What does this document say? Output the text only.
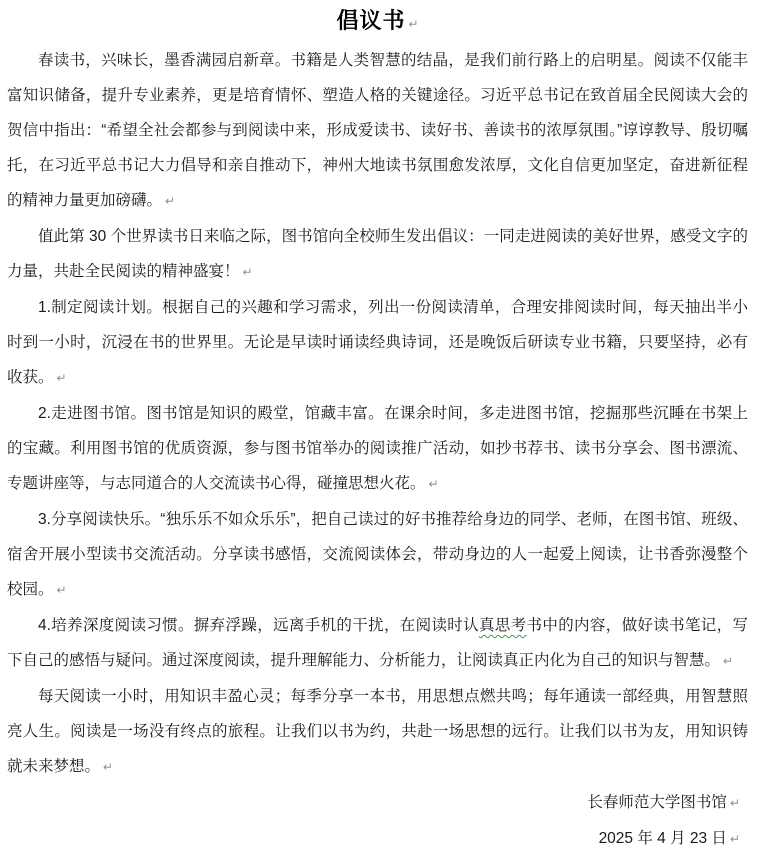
倡议书 ↵

春读书，兴味长，墨香满园启新章。书籍是人类智慧的结晶，是我们前行路上的启明星。阅读不仅能丰富知识储备，提升专业素养，更是培育情怀、塑造人格的关键途径。习近平总书记在致首届全民阅读大会的贺信中指出：“希望全社会都参与到阅读中来，形成爱读书、读好书、善读书的浓厚氛围。”谆谆教导、殷切嘱托，在习近平总书记大力倡导和亲自推动下，神州大地读书氛围愈发浓厚，文化自信更加坚定，奋进新征程的精神力量更加磅礴。 ↵

值此第 30 个世界读书日来临之际，图书馆向全校师生发出倡议：一同走进阅读的美好世界，感受文字的力量，共赴全民阅读的精神盛宴！ ↵

1.制定阅读计划。根据自己的兴趣和学习需求，列出一份阅读清单，合理安排阅读时间，每天抽出半小时到一小时，沉浸在书的世界里。无论是早读时诵读经典诗词，还是晚饭后研读专业书籍，只要坚持，必有收获。 ↵

2.走进图书馆。图书馆是知识的殿堂，馆藏丰富。在课余时间，多走进图书馆，挖掘那些沉睡在书架上的宝藏。利用图书馆的优质资源，参与图书馆举办的阅读推广活动，如抄书荐书、读书分享会、图书漂流、专题讲座等，与志同道合的人交流读书心得，碰撞思想火花。 ↵

3.分享阅读快乐。“独乐乐不如众乐乐”，把自己读过的好书推荐给身边的同学、老师，在图书馆、班级、宿舍开展小型读书交流活动。分享读书感悟，交流阅读体会，带动身边的人一起爱上阅读，让书香弥漫整个校园。 ↵

4.培养深度阅读习惯。摒弃浮躁，远离手机的干扰，在阅读时认真思考书中的内容，做好读书笔记，写下自己的感悟与疑问。通过深度阅读，提升理解能力、分析能力，让阅读真正内化为自己的知识与智慧。 ↵

每天阅读一小时，用知识丰盈心灵；每季分享一本书，用思想点燃共鸣；每年通读一部经典，用智慧照亮人生。阅读是一场没有终点的旅程。让我们以书为约，共赴一场思想的远行。让我们以书为友，用知识铸就未来梦想。 ↵

长春师范大学图书馆 ↵

2025 年 4 月 23 日 ↵
